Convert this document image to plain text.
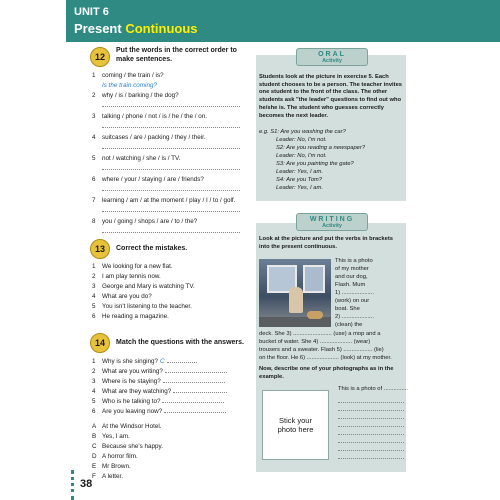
UNIT 6
Present Continuous
12
Put the words in the correct order to
make sentences.
1 coming / the train / is?
Is the train coming?
2 why / is / barking / the dog?
3 talking / phone / not / is / he / the / on.
4 suitcases / are / packing / they / their.
5 not / watching / she / is / TV.
6 where / your / staying / are / friends?
7 learning / am / at the moment / play / I / to / golf.
8 you / going / shops / are / to / the?
13	Correct the mistakes.
1 We looking for a new flat.
2 I am play tennis now.
3 George and Mary is watching TV.
4 What are you do?
5 You isn't listening to the teacher.
6 He reading a magazine.
14	Match the questions with the answers.
1 Why is she singing? C
2 What are you writing?
3 Where is he staying?
4 What are they watching?
5 Who is he talking to?
6 Are you leaving now?
A At the Windsor Hotel.
B Yes, I am.
C Because she's happy.
D A horror film.
E Mr Brown.
F A letter.
38
ORAL
Activity
Students look at the picture in exercise 5. Each student chooses to be a person. The teacher invites one student to the front of the class. The other students ask "the leader" questions to find out who he/she is. The student who guesses correctly becomes the next leader.
e.g. S1: Are you washing the car?
Leader: No, I'm not.
S2: Are you reading a newspaper?
Leader: No, I'm not.
S3: Are you painting the gate?
Leader: Yes, I am.
S4: Are you Tom?
Leader: Yes, I am.
WRITING
Activity
Look at the picture and put the verbs in brackets into the present continuous.
This is a photo
of my mother
and our dog,
Flash. Mum
1) ....................
(work) on our
boat. She
2) ....................
(clean) the
deck. She 3) ........................ (use) a mop and a
bucket of water. She 4) .................... (wear)
trousers and a sweater. Flash 5) .................. (lie)
on the floor. He 6) .................... (look) at my mother.
Now, describe one of your photographs as in the example.
Stick your
photo here
This is a photo of ...............
